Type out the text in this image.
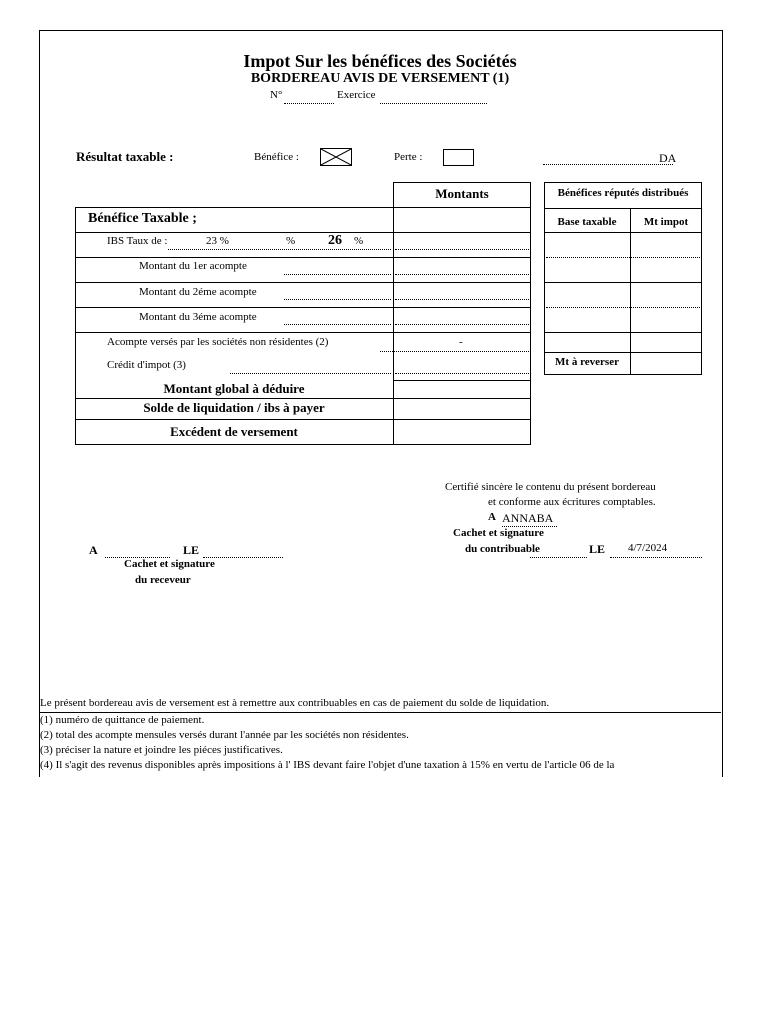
Impot Sur les bénéfices des Sociétés
BORDEREAU AVIS DE VERSEMENT (1)
N°	Exercice
Résultat taxable :	Bénéfice :	Perte :	DA
Montants
Bénéfice Taxable ;
IBS Taux de :	23 %	% 26 %
Montant du 1er acompte
Montant du 2éme acompte
Montant du 3éme acompte
Acompte versés par les sociétés non résidentes (2)	-
Crédit d'impot (3)
Montant global à déduire
Solde de liquidation / ibs à payer
Excédent de versement
Bénéfices réputés distribués
Base taxable	Mt impot
Mt à reverser
Certifié sincère le contenu du présent bordereau
et conforme aux écritures comptables.
A ANNABA
Cachet et signature
du contribuable	LE 4/7/2024
A	LE
Cachet et signature
du receveur
Le présent bordereau avis de versement est à remettre aux contribuables en cas de paiement du solde de liquidation.
(1) numéro de quittance de paiement.
(2) total des acompte mensules versés durant l'année par les sociétés non résidentes.
(3) préciser la nature et joindre les piéces justificatives.
(4) Il s'agit des revenus disponibles après impositions à l' IBS devant faire l'objet d'une taxation à 15% en vertu de l'article 06 de la
